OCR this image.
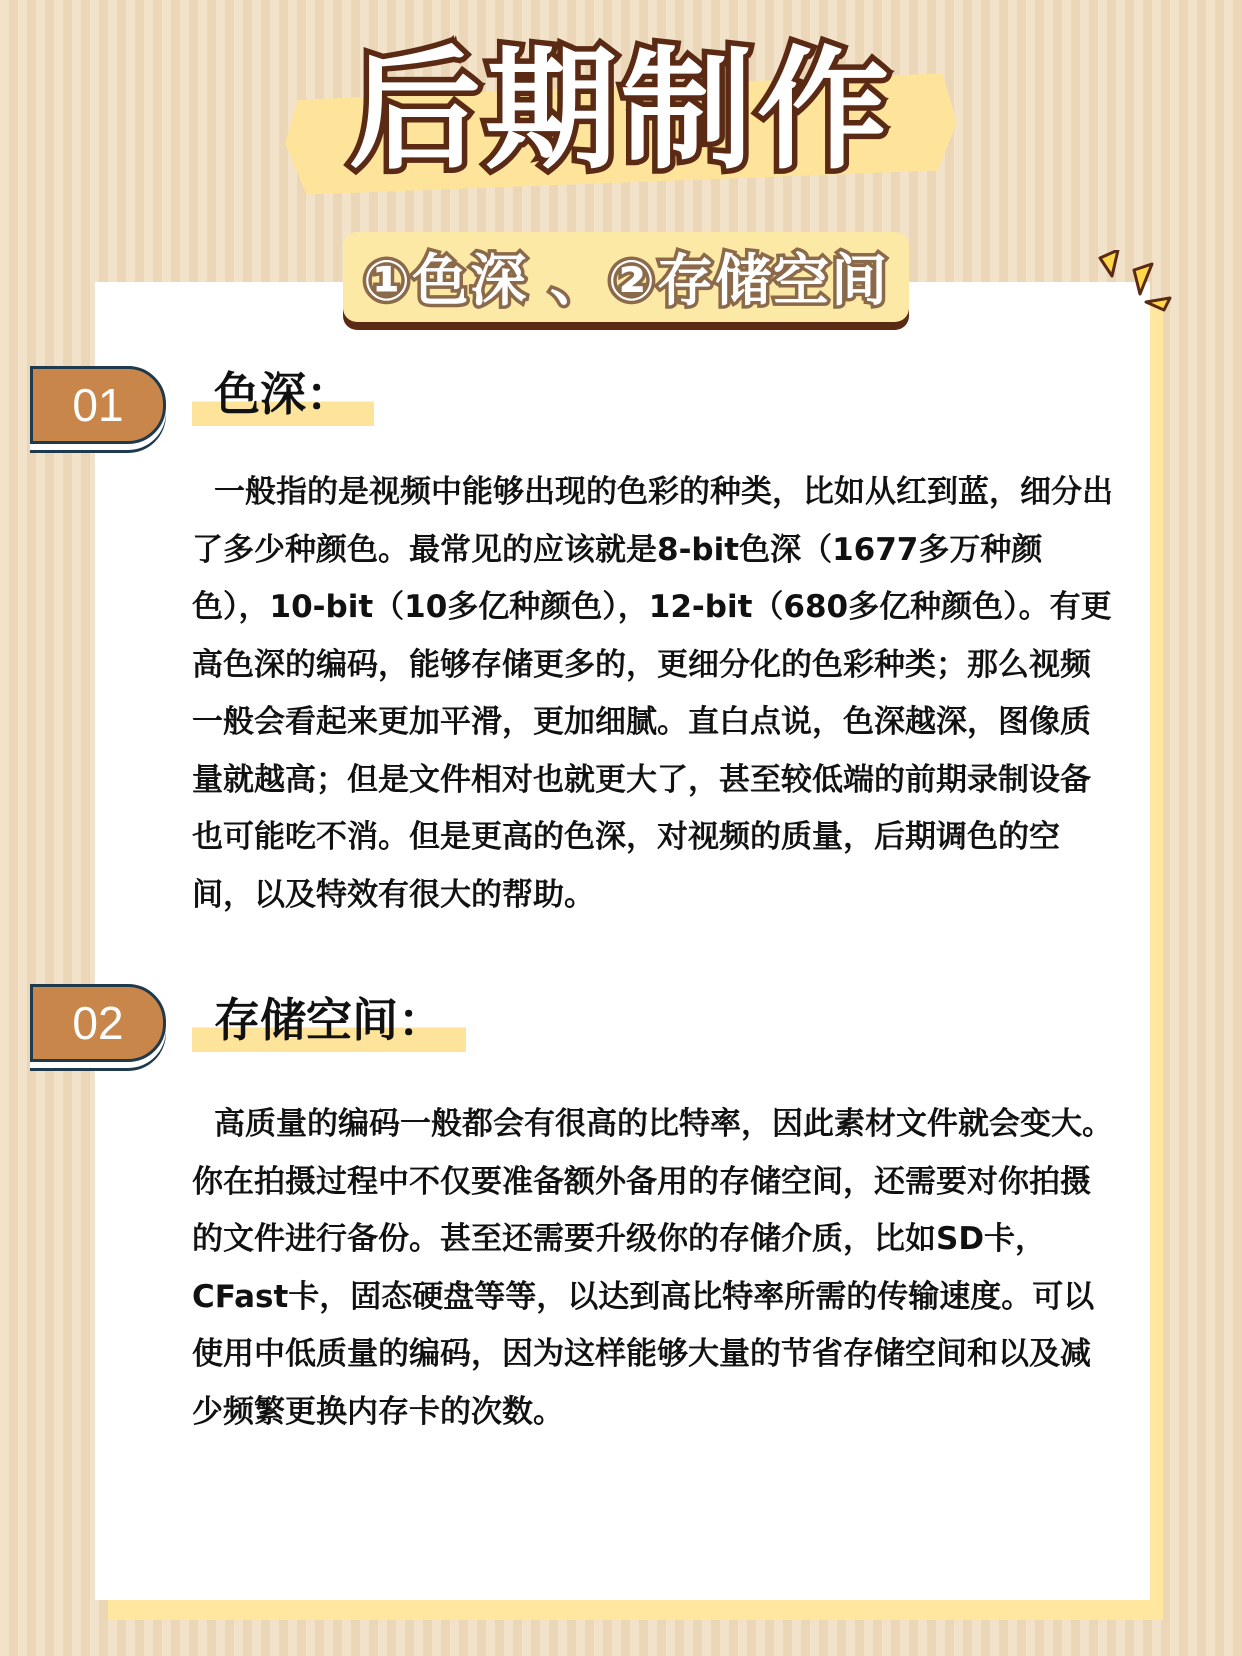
后期制作
①色深 、②存储空间
01	色深：

一般指的是视频中能够出现的色彩的种类，比如从红到蓝，细分出了多少种颜色。最常见的应该就是8-bit色深（1677多万种颜色），10-bit（10多亿种颜色），12-bit（680多亿种颜色）。有更高色深的编码，能够存储更多的，更细分化的色彩种类；那么视频一般会看起来更加平滑，更加细腻。直白点说，色深越深，图像质量就越高；但是文件相对也就更大了，甚至较低端的前期录制设备也可能吃不消。但是更高的色深，对视频的质量，后期调色的空间，以及特效有很大的帮助。

02	存储空间：

高质量的编码一般都会有很高的比特率，因此素材文件就会变大。你在拍摄过程中不仅要准备额外备用的存储空间，还需要对你拍摄的文件进行备份。甚至还需要升级你的存储介质，比如SD卡，CFast卡，固态硬盘等等，以达到高比特率所需的传输速度。可以使用中低质量的编码，因为这样能够大量的节省存储空间和以及减少频繁更换内存卡的次数。
